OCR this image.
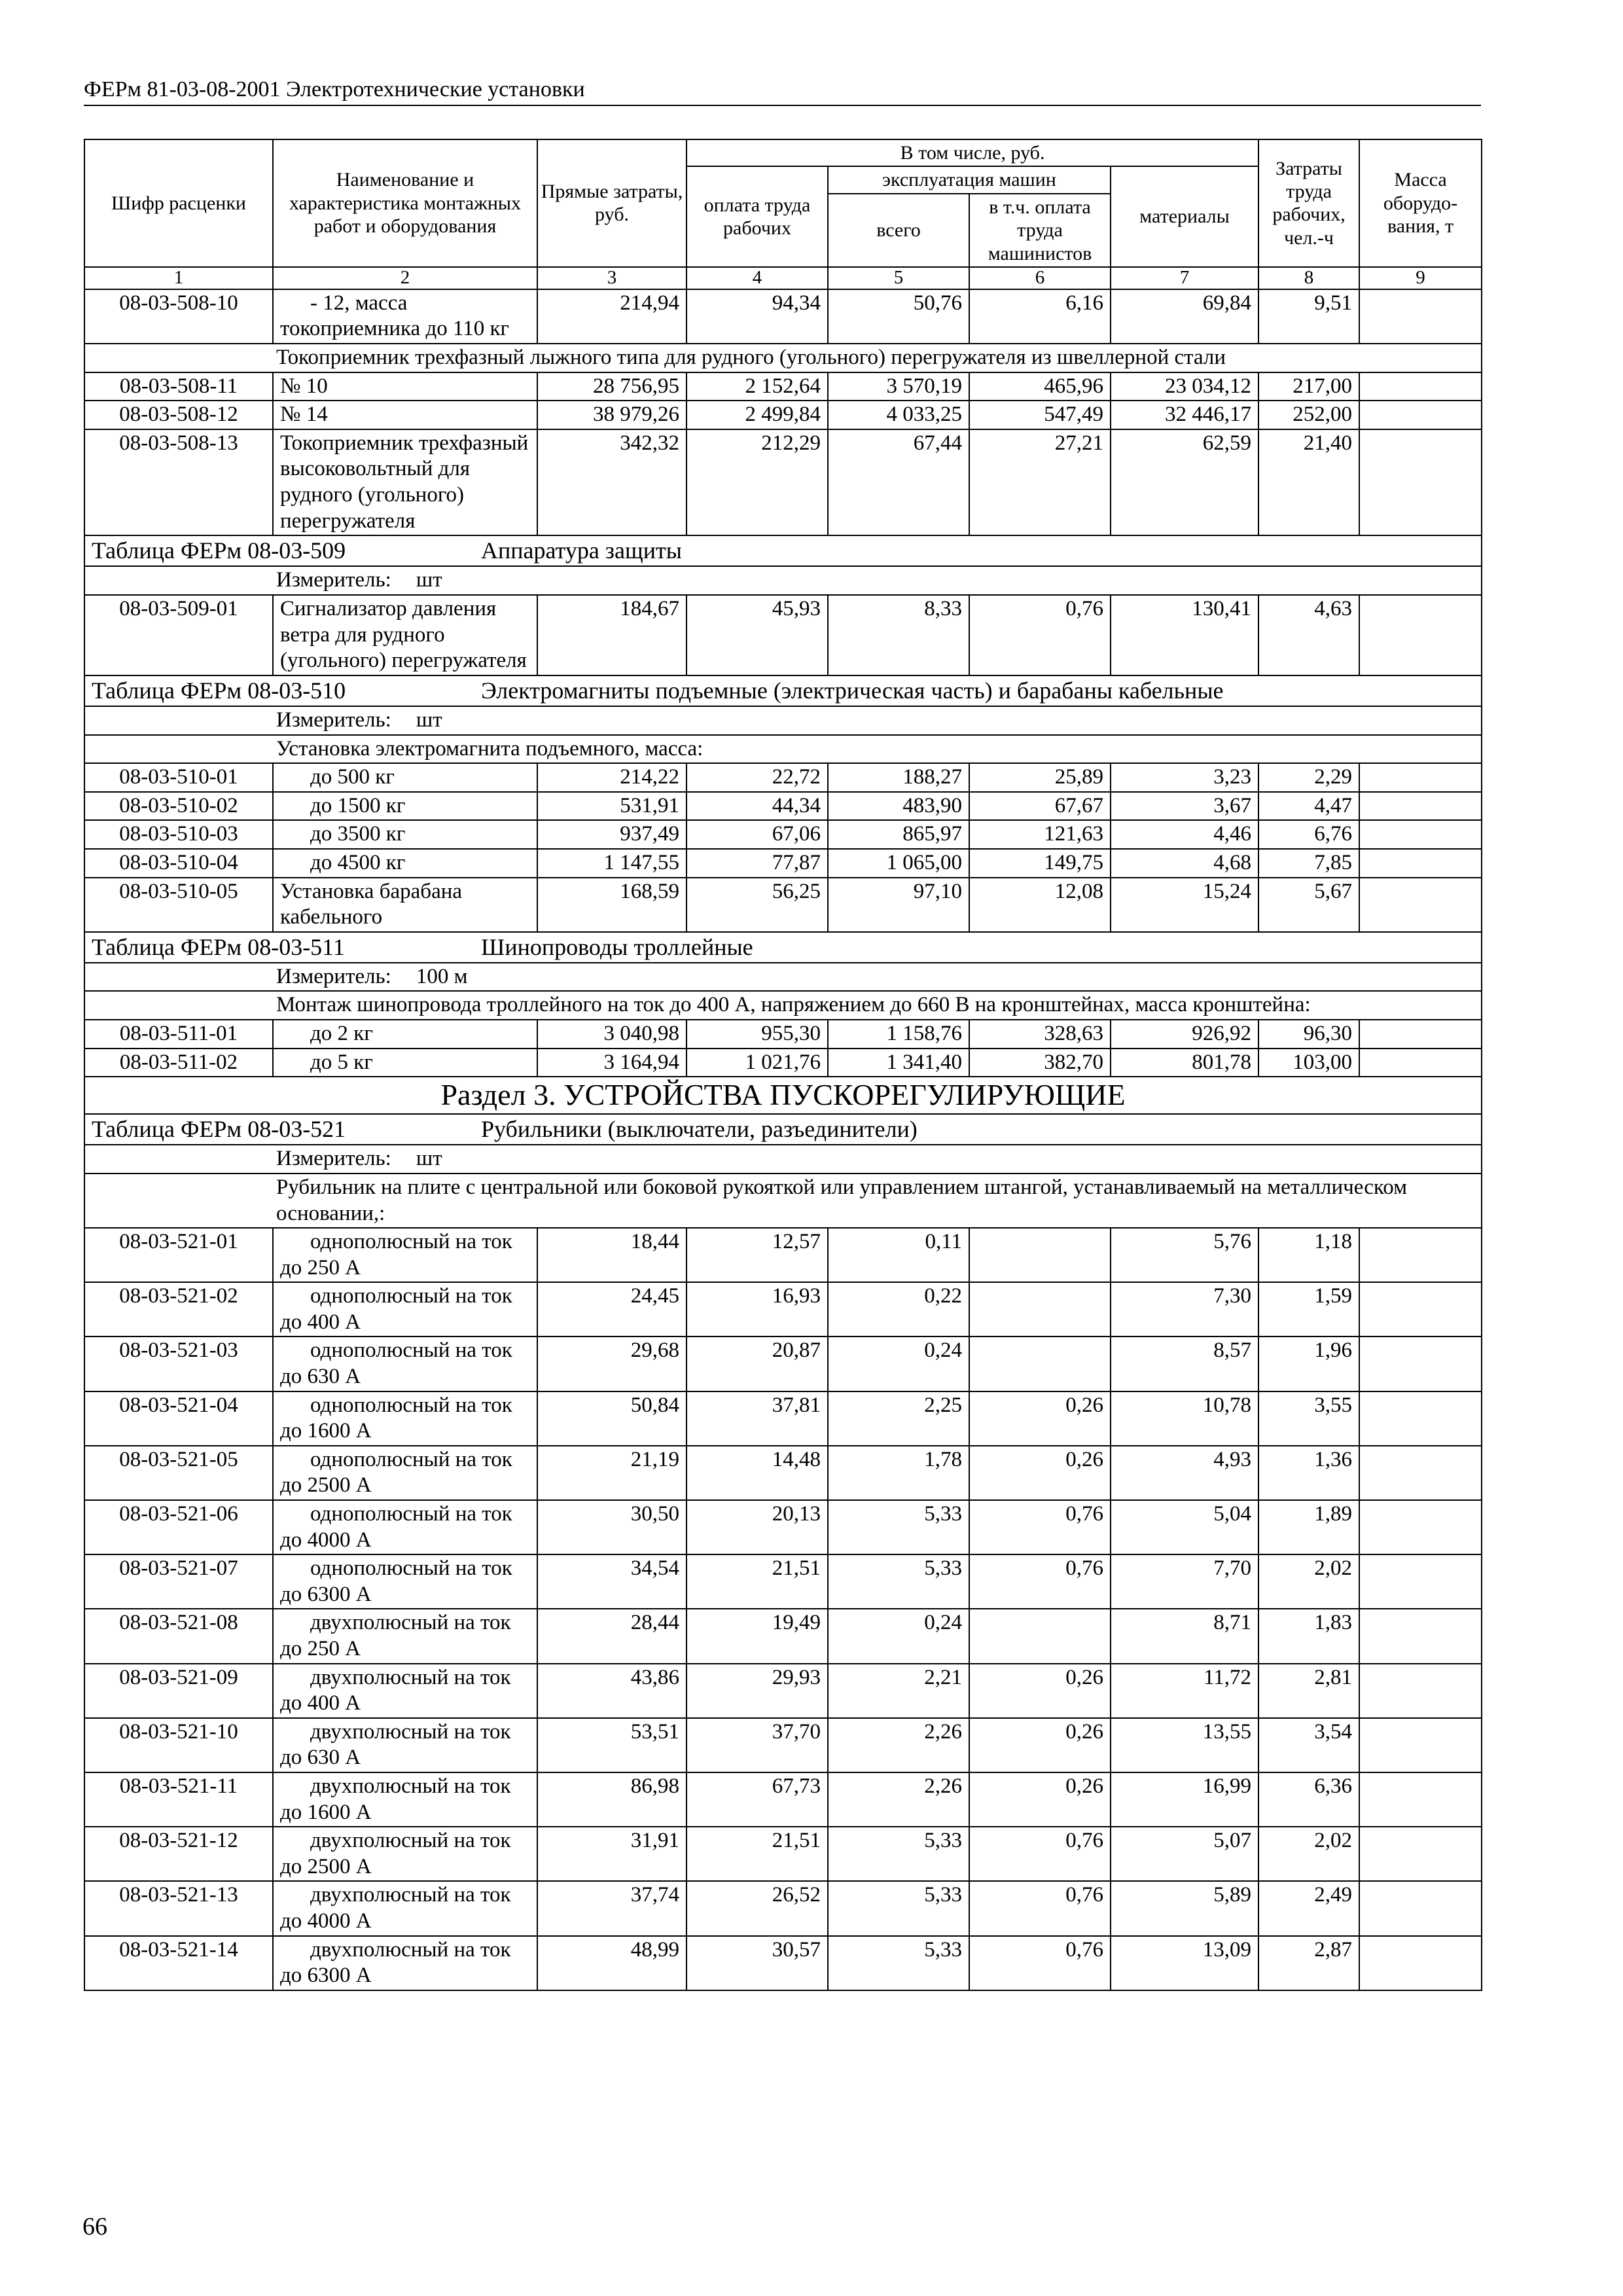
ФЕРм 81-03-08-2001 Электротехнические установки
Шифр расценки	Наименование и характеристика монтажных работ и оборудования	Прямые затраты, руб.	В том числе, руб.				Затраты труда рабочих, чел.-ч	Масса оборудо-вания, т
			оплата труда рабочих	эксплуатация машин		материалы		
				всего	в т.ч. оплата труда машинистов			
1	2	3	4	5	6	7	8	9
08-03-508-10	- 12, масса токоприемника до 110 кг	214,94	94,34	50,76	6,16	69,84	9,51	

Токоприемник трехфазный лыжного типа для рудного (угольного) перегружателя из швеллерной стали								

08-03-508-11	№ 10	28 756,95	2 152,64	3 570,19	465,96	23 034,12	217,00	
08-03-508-12	№ 14	38 979,26	2 499,84	4 033,25	547,49	32 446,17	252,00	
08-03-508-13	Токоприемник трехфазный высоковольтный для рудного (угольного) перегружателя	342,32	212,29	67,44	27,21	62,59	21,40	
Таблица ФЕРм 08-03-509 Аппаратура защиты								
Измеритель: шт								
08-03-509-01	Сигнализатор давления ветра для рудного (угольного) перегружателя	184,67	45,93	8,33	0,76	130,41	4,63	
Таблица ФЕРм 08-03-510 Электромагниты подъемные (электрическая часть) и барабаны кабельные								
Измеритель: шт								

Установка электромагнита подъемного, масса:								

08-03-510-01	до 500 кг	214,22	22,72	188,27	25,89	3,23	2,29	
08-03-510-02	до 1500 кг	531,91	44,34	483,90	67,67	3,67	4,47	
08-03-510-03	до 3500 кг	937,49	67,06	865,97	121,63	4,46	6,76	
08-03-510-04	до 4500 кг	1 147,55	77,87	1 065,00	149,75	4,68	7,85	
08-03-510-05	Установка барабана кабельного	168,59	56,25	97,10	12,08	15,24	5,67	
Таблица ФЕРм 08-03-511 Шинопроводы троллейные								
Измеритель: 100 м								

Монтаж шинопровода троллейного на ток до 400 А, напряжением до 660 В на кронштейнах, масса кронштейна:								

08-03-511-01	до 2 кг	3 040,98	955,30	1 158,76	328,63	926,92	96,30	
08-03-511-02	до 5 кг	3 164,94	1 021,76	1 341,40	382,70	801,78	103,00	
Раздел 3. УСТРОЙСТВА ПУСКОРЕГУЛИРУЮЩИЕ								
Таблица ФЕРм 08-03-521 Рубильники (выключатели, разъединители)								
Измеритель: шт								

Рубильник на плите с центральной или боковой рукояткой или управлением штангой, устанавливаемый на металлическом основании,:								

08-03-521-01	однополюсный на ток до 250 А	18,44	12,57	0,11		5,76	1,18	
08-03-521-02	однополюсный на ток до 400 А	24,45	16,93	0,22		7,30	1,59	
08-03-521-03	однополюсный на ток до 630 А	29,68	20,87	0,24		8,57	1,96	
08-03-521-04	однополюсный на ток до 1600 А	50,84	37,81	2,25	0,26	10,78	3,55	
08-03-521-05	однополюсный на ток до 2500 А	21,19	14,48	1,78	0,26	4,93	1,36	
08-03-521-06	однополюсный на ток до 4000 А	30,50	20,13	5,33	0,76	5,04	1,89	
08-03-521-07	однополюсный на ток до 6300 А	34,54	21,51	5,33	0,76	7,70	2,02	
08-03-521-08	двухполюсный на ток до 250 А	28,44	19,49	0,24		8,71	1,83	
08-03-521-09	двухполюсный на ток до 400 А	43,86	29,93	2,21	0,26	11,72	2,81	
08-03-521-10	двухполюсный на ток до 630 А	53,51	37,70	2,26	0,26	13,55	3,54	
08-03-521-11	двухполюсный на ток до 1600 А	86,98	67,73	2,26	0,26	16,99	6,36	
08-03-521-12	двухполюсный на ток до 2500 А	31,91	21,51	5,33	0,76	5,07	2,02	
08-03-521-13	двухполюсный на ток до 4000 А	37,74	26,52	5,33	0,76	5,89	2,49	
08-03-521-14	двухполюсный на ток до 6300 А	48,99	30,57	5,33	0,76	13,09	2,87	
66
